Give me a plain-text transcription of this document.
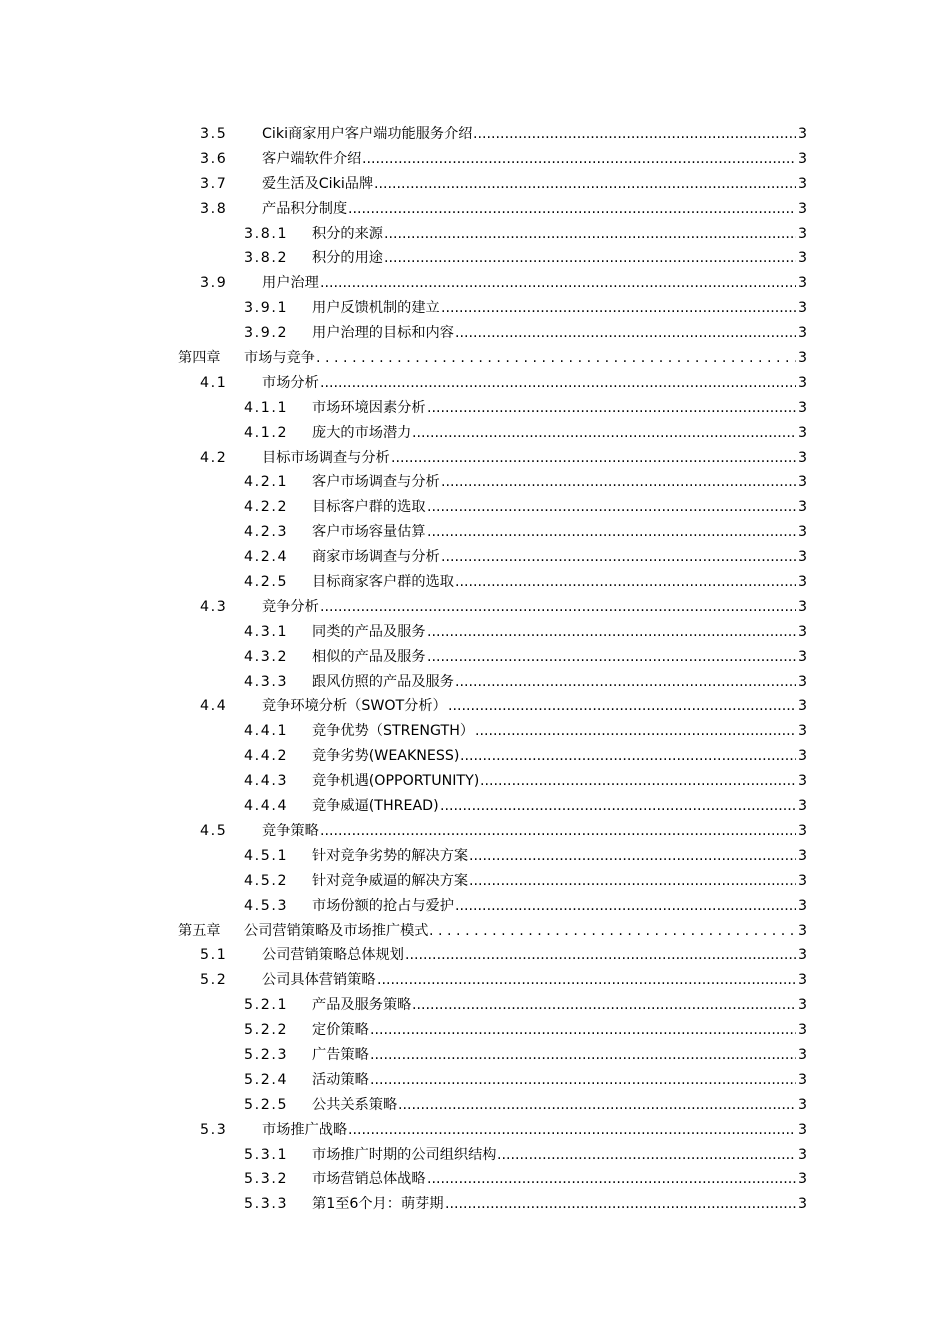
3.5 Ciki商家用户客户端功能服务介绍 .....	3
3.6 客户端软件介绍 .....	3
3.7 爱生活及Ciki品牌 .....	3
3.8 产品积分制度 .....	3
3.8.1 积分的来源 .....	3
3.8.2 积分的用途 .....	3
3.9 用户治理 .....	3
3.9.1 用户反馈机制的建立 .....	3
3.9.2 用户治理的目标和内容 .....	3
第四章 市场与竞争 . . .	3
4.1 市场分析 .....	3
4.1.1 市场环境因素分析 .....	3
4.1.2 庞大的市场潜力 .....	3
4.2 目标市场调查与分析 .....	3
4.2.1 客户市场调查与分析 .....	3
4.2.2 目标客户群的选取 .....	3
4.2.3 客户市场容量估算 .....	3
4.2.4 商家市场调查与分析 .....	3
4.2.5 目标商家客户群的选取 .....	3
4.3 竞争分析 .....	3
4.3.1 同类的产品及服务 .....	3
4.3.2 相似的产品及服务 .....	3
4.3.3 跟风仿照的产品及服务 .....	3
4.4 竞争环境分析（SWOT分析） .....	3
4.4.1 竞争优势（STRENGTH） .....	3
4.4.2 竞争劣势(WEAKNESS) .....	3
4.4.3 竞争机遇(OPPORTUNITY) .....	3
4.4.4 竞争威逼(THREAD) .....	3
4.5 竞争策略 .....	3
4.5.1 针对竞争劣势的解决方案 .....	3
4.5.2 针对竞争威逼的解决方案 .....	3
4.5.3 市场份额的抢占与爱护 .....	3
第五章 公司营销策略及市场推广模式 . . .	3
5.1 公司营销策略总体规划 .....	3
5.2 公司具体营销策略 .....	3
5.2.1 产品及服务策略 .....	3
5.2.2 定价策略 .....	3
5.2.3 广告策略 .....	3
5.2.4 活动策略 .....	3
5.2.5 公共关系策略 .....	3
5.3 市场推广战略 .....	3
5.3.1 市场推广时期的公司组织结构 .....	3
5.3.2 市场营销总体战略 .....	3
5.3.3 第1至6个月：萌芽期 .....	3
